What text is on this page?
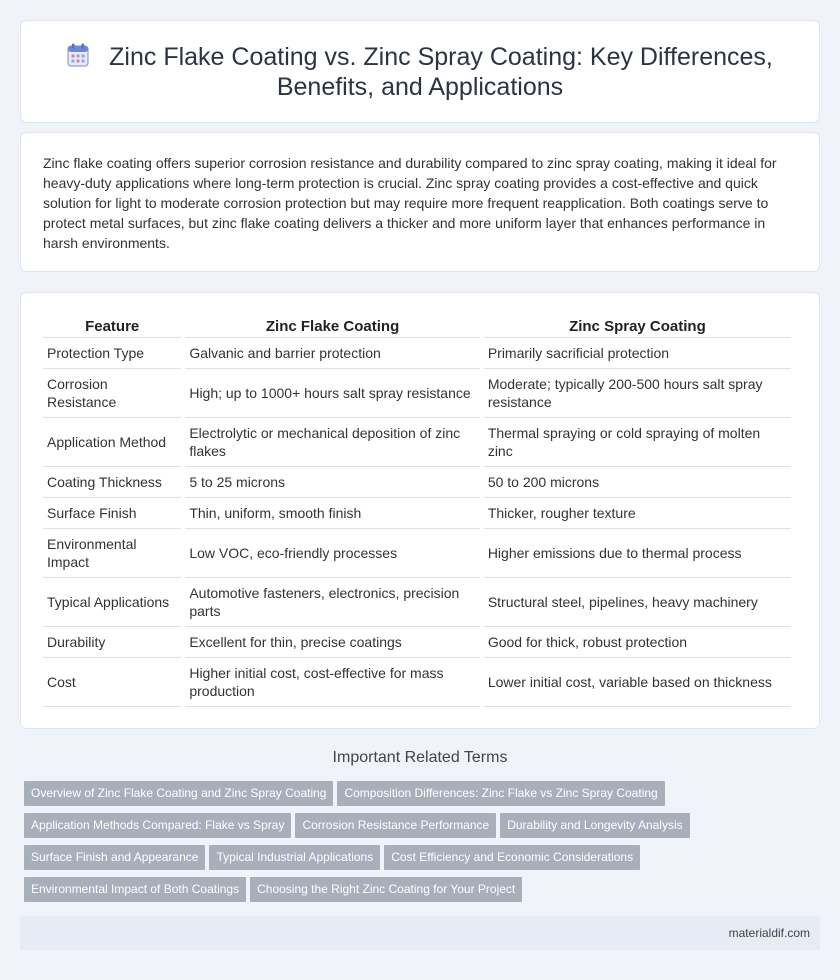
Zinc Flake Coating vs. Zinc Spray Coating: Key Differences,
Benefits, and Applications

Zinc flake coating offers superior corrosion resistance and durability compared to zinc spray coating, making it ideal for heavy-duty applications where long-term protection is crucial. Zinc spray coating provides a cost-effective and quick solution for light to moderate corrosion protection but may require more frequent reapplication. Both coatings serve to protect metal surfaces, but zinc flake coating delivers a thicker and more uniform layer that enhances performance in harsh environments.

Feature	Zinc Flake Coating	Zinc Spray Coating
Protection Type	Galvanic and barrier protection	Primarily sacrificial protection
Corrosion Resistance	High; up to 1000+ hours salt spray resistance	Moderate; typically 200-500 hours salt spray resistance
Application Method	Electrolytic or mechanical deposition of zinc flakes	Thermal spraying or cold spraying of molten zinc
Coating Thickness	5 to 25 microns	50 to 200 microns
Surface Finish	Thin, uniform, smooth finish	Thicker, rougher texture
Environmental Impact	Low VOC, eco-friendly processes	Higher emissions due to thermal process
Typical Applications	Automotive fasteners, electronics, precision parts	Structural steel, pipelines, heavy machinery
Durability	Excellent for thin, precise coatings	Good for thick, robust protection
Cost	Higher initial cost, cost-effective for mass production	Lower initial cost, variable based on thickness
Important Related Terms
Overview of Zinc Flake Coating and Zinc Spray Coating Composition Differences: Zinc Flake vs Zinc Spray Coating
Application Methods Compared: Flake vs Spray Corrosion Resistance Performance Durability and Longevity Analysis
Surface Finish and Appearance Typical Industrial Applications Cost Efficiency and Economic Considerations
Environmental Impact of Both Coatings Choosing the Right Zinc Coating for Your Project
materialdif.com
